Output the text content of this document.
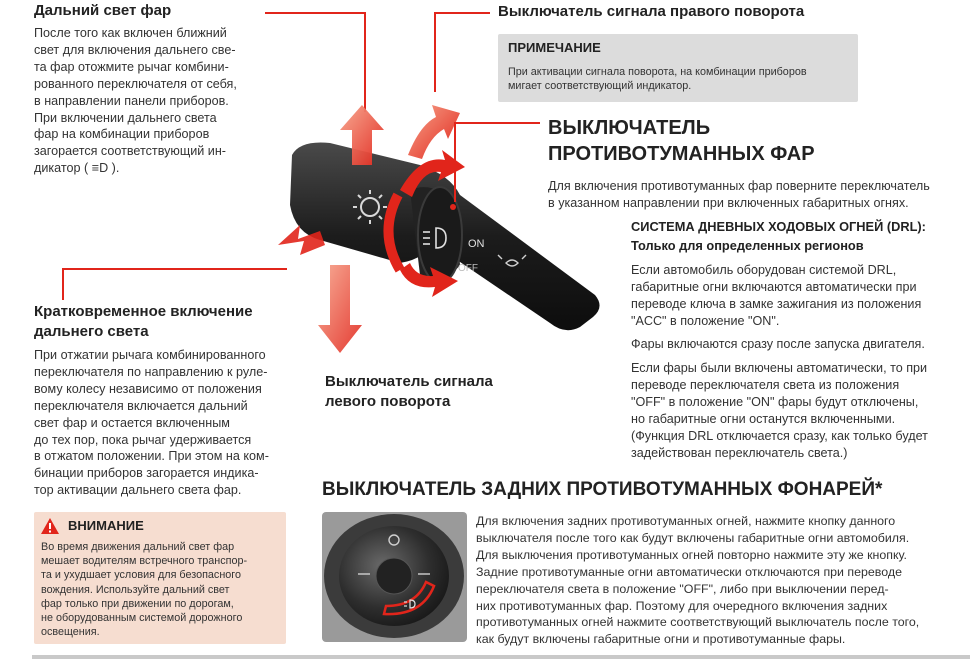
Дальний свет фар

После того как включен ближний

свет для включения дальнего све-

та фар отожмите рычаг комбини-

рованного переключателя от себя,

в направлении панели приборов.

При включении дальнего света

фар на комбинации приборов

загорается соответствующий ин-

дикатор ( ≡D ).

Кратковременное включение

дальнего света

При отжатии рычага комбинированного

переключателя по направлению к руле-

вому колесу независимо от положения

переключателя включается дальний

свет фар и остается включенным

до тех пор, пока рычаг удерживается

в отжатом положении. При этом на ком-

бинации приборов загорается индика-

тор активации дальнего света фар.

ВНИМАНИЕ

Во время движения дальний свет фар

мешает водителям встречного транспор-

та и ухудшает условия для безопасного

вождения. Используйте дальний свет

фар только при движении по дорогам,

не оборудованным системой дорожного

освещения.

Выключатель сигнала правого поворота
ПРИМЕЧАНИЕ

При активации сигнала поворота, на комбинации приборов

мигает соответствующий индикатор.

ON
OFF

Выключатель сигнала

левого поворота

ВЫКЛЮЧАТЕЛЬ

ПРОТИВОТУМАННЫХ ФАР

Для включения противотуманных фар поверните переключатель

в указанном направлении при включенных габаритных огнях.

СИСТЕМА ДНЕВНЫХ ХОДОВЫХ ОГНЕЙ (DRL):
Только для определенных регионов

Если автомобиль оборудован системой DRL,

габаритные огни включаются автоматически при

переводе ключа в замке зажигания из положения

"ACC" в положение "ON".

Фары включаются сразу после запуска двигателя.

Если фары были включены автоматически, то при

переводе переключателя света из положения

"OFF" в положение "ON" фары будут отключены,

но габаритные огни останутся включенными.

(Функция DRL отключается сразу, как только будет

задействован переключатель света.)

ВЫКЛЮЧАТЕЛЬ ЗАДНИХ ПРОТИВОТУМАННЫХ ФОНАРЕЙ*

Для включения задних противотуманных огней, нажмите кнопку данного

выключателя после того как будут включены габаритные огни автомобиля.

Для выключения противотуманных огней повторно нажмите эту же кнопку.

Задние противотуманные огни автоматически отключаются при переводе

переключателя света в положение "OFF", либо при выключении перед-

них противотуманных фар. Поэтому для очередного включения задних

противотуманных огней нажмите соответствующий выключатель после того,

как будут включены габаритные огни и противотуманные фары.
